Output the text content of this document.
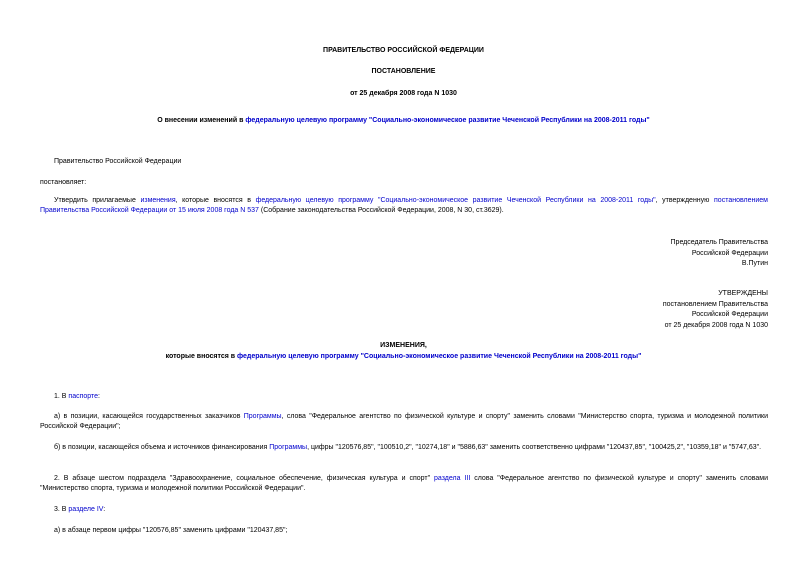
ПРАВИТЕЛЬСТВО РОССИЙСКОЙ ФЕДЕРАЦИИ
ПОСТАНОВЛЕНИЕ
от 25 декабря 2008 года N 1030
О внесении изменений в федеральную целевую программу "Социально-экономическое развитие Чеченской Республики на 2008-2011 годы"
Правительство Российской Федерации
постановляет:
Утвердить прилагаемые изменения, которые вносятся в федеральную целевую программу "Социально-экономическое развитие Чеченской Республики на 2008-2011 годы", утвержденную постановлением Правительства Российской Федерации от 15 июля 2008 года N 537 (Собрание законодательства Российской Федерации, 2008, N 30, ст.3629).
Председатель Правительства
Российской Федерации
В.Путин
УТВЕРЖДЕНЫ
постановлением Правительства
Российской Федерации
от 25 декабря 2008 года N 1030
ИЗМЕНЕНИЯ,
которые вносятся в федеральную целевую программу "Социально-экономическое развитие Чеченской Республики на 2008-2011 годы"
1. В паспорте:
а) в позиции, касающейся государственных заказчиков Программы, слова "Федеральное агентство по физической культуре и спорту" заменить словами "Министерство спорта, туризма и молодежной политики Российской Федерации";
б) в позиции, касающейся объема и источников финансирования Программы, цифры "120576,85", "100510,2", "10274,18" и "5886,63" заменить соответственно цифрами "120437,85", "100425,2", "10359,18" и "5747,63".
2. В абзаце шестом подраздела "Здравоохранение, социальное обеспечение, физическая культура и спорт" раздела III слова "Федеральное агентство по физической культуре и спорту" заменить словами "Министерство спорта, туризма и молодежной политики Российской Федерации".
3. В разделе IV:
а) в абзаце первом цифры "120576,85" заменить цифрами "120437,85";
